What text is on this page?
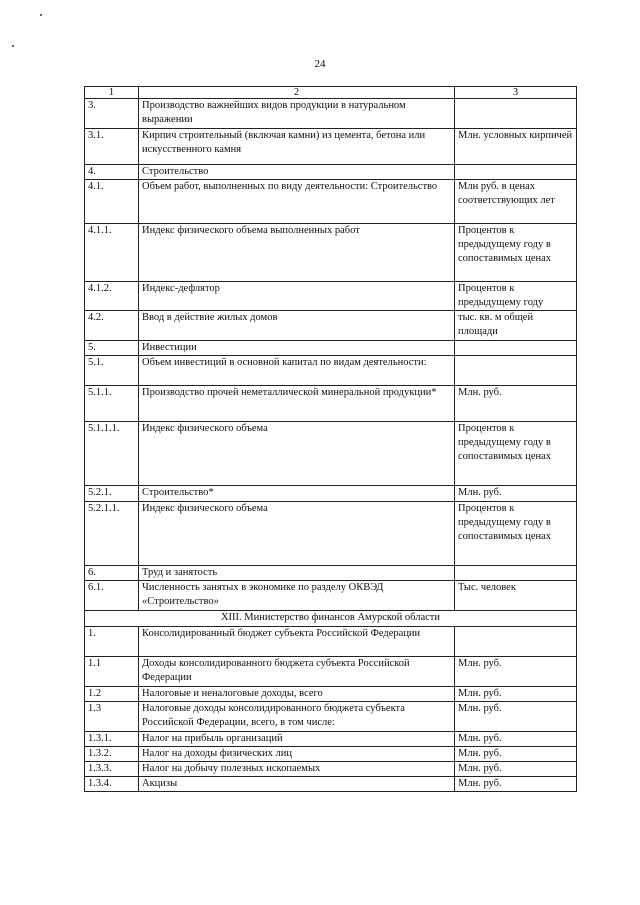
24
1	2	3
3.	Производство важнейших видов продукции в натуральном выражении	
3.1.	Кирпич строительный (включая камни) из цемента, бетона или искусственного камня	Млн. условных кирпичей
4.	Строительство	
4.1.	Объем работ, выполненных по виду деятельности: Строительство	Млн руб. в ценах соответствующих лет
4.1.1.	Индекс физического объема выполненных работ	Процентов к предыдущему году в сопоставимых ценах
4.1.2.	Индекс-дефлятор	Процентов к предыдущему году
4.2.	Ввод в действие жилых домов	тыс. кв. м общей площади
5.	Инвестиции	
5.1.	Объем инвестиций в основной капитал по видам деятельности:	
5.1.1.	Производство прочей неметаллической минеральной продукции*	Млн. руб.
5.1.1.1.	Индекс физического объема	Процентов к предыдущему году в сопоставимых ценах
5.2.1.	Строительство*	Млн. руб.
5.2.1.1.	Индекс физического объема	Процентов к предыдущему году в сопоставимых ценах
6.	Труд и занятость	
6.1.	Численность занятых в экономике по разделу ОКВЭД «Строительство»	Тыс. человек
XIII. Министерство финансов Амурской области		
1.	Консолидированный бюджет субъекта Российской Федерации	
1.1	Доходы консолидированного бюджета субъекта Российской Федерации	Млн. руб.
1.2	Налоговые и неналоговые доходы, всего	Млн. руб.
1.3	Налоговые доходы консолидированного бюджета субъекта Российской Федерации, всего, в том числе:	Млн. руб.
1.3.1.	Налог на прибыль организаций	Млн. руб.
1.3.2.	Налог на доходы физических лиц	Млн. руб.
1.3.3.	Налог на добычу полезных ископаемых	Млн. руб.
1.3.4.	Акцизы	Млн. руб.
